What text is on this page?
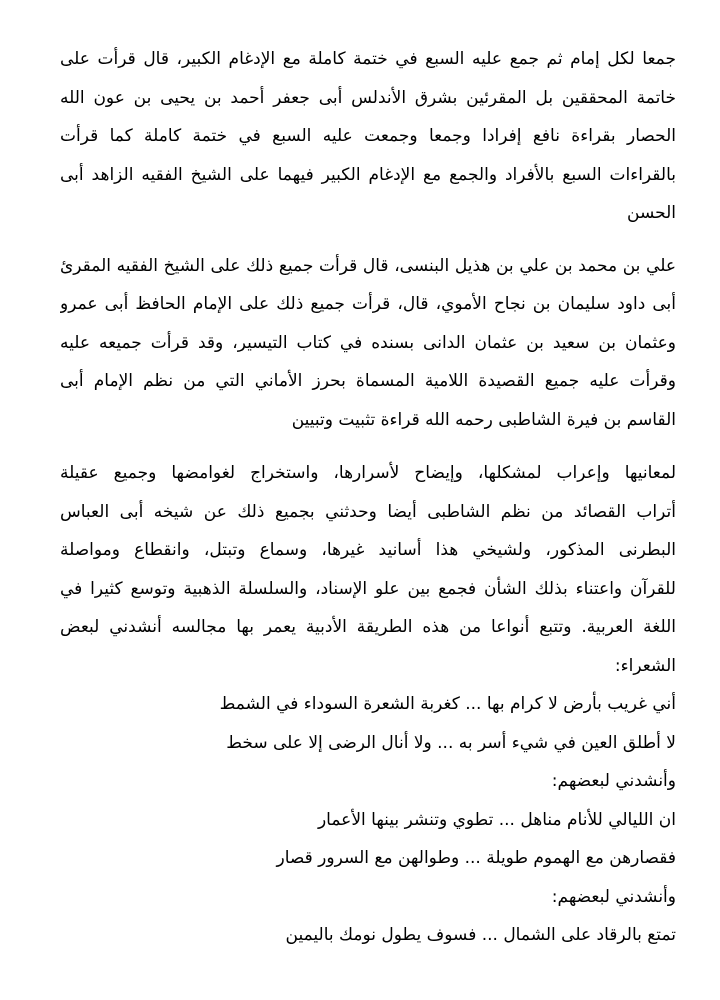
جمعا لكل إمام ثم جمع عليه السبع في ختمة كاملة مع الإدغام الكبير، قال قرأت على
خاتمة المحققين بل المقرئين بشرق الأندلس أبى جعفر أحمد بن يحيى بن عون الله
الحصار بقراءة نافع إفرادا وجمعا وجمعت عليه السبع في ختمة كاملة كما قرأت
بالقراءات السبع بالأفراد والجمع مع الإدغام الكبير فيهما على الشيخ الفقيه الزاهد أبى
الحسن
علي بن محمد بن علي بن هذيل البنسى، قال قرأت جميع ذلك على الشيخ الفقيه المقرئ
أبى داود سليمان بن نجاح الأموي، قال، قرأت جميع ذلك على الإمام الحافظ أبى عمرو
وعثمان بن سعيد بن عثمان الدانى بسنده في كتاب التيسير، وقد قرأت جميعه عليه
وقرأت عليه جميع القصيدة اللامية المسماة بحرز الأماني التي من نظم الإمام أبى
القاسم بن فيرة الشاطبى رحمه الله قراءة تثبيت وتبيين
لمعانيها وإعراب لمشكلها، وإيضاح لأسرارها، واستخراج لغوامضها وجميع عقيلة
أتراب القصائد من نظم الشاطبى أيضا وحدثني بجميع ذلك عن شيخه أبى العباس
البطرنى المذكور، ولشيخي هذا أسانيد غيرها، وسماع وتبتل، وانقطاع ومواصلة
للقرآن واعتناء بذلك الشأن فجمع بين علو الإسناد، والسلسلة الذهبية وتوسع كثيرا في
اللغة العربية. وتتبع أنواعا من هذه الطريقة الأدبية يعمر بها مجالسه أنشدني لبعض
الشعراء:
أني غريب بأرض لا كرام بها ... كغربة الشعرة السوداء في الشمط
لا أطلق العين في شيء أسر به ... ولا أنال الرضى إلا على سخط
وأنشدني لبعضهم:
ان الليالي للأنام مناهل ... تطوي وتنشر بينها الأعمار
فقصارهن مع الهموم طويلة ... وطوالهن مع السرور قصار
وأنشدني لبعضهم:
تمتع بالرقاد على الشمال ... فسوف يطول نومك باليمين
